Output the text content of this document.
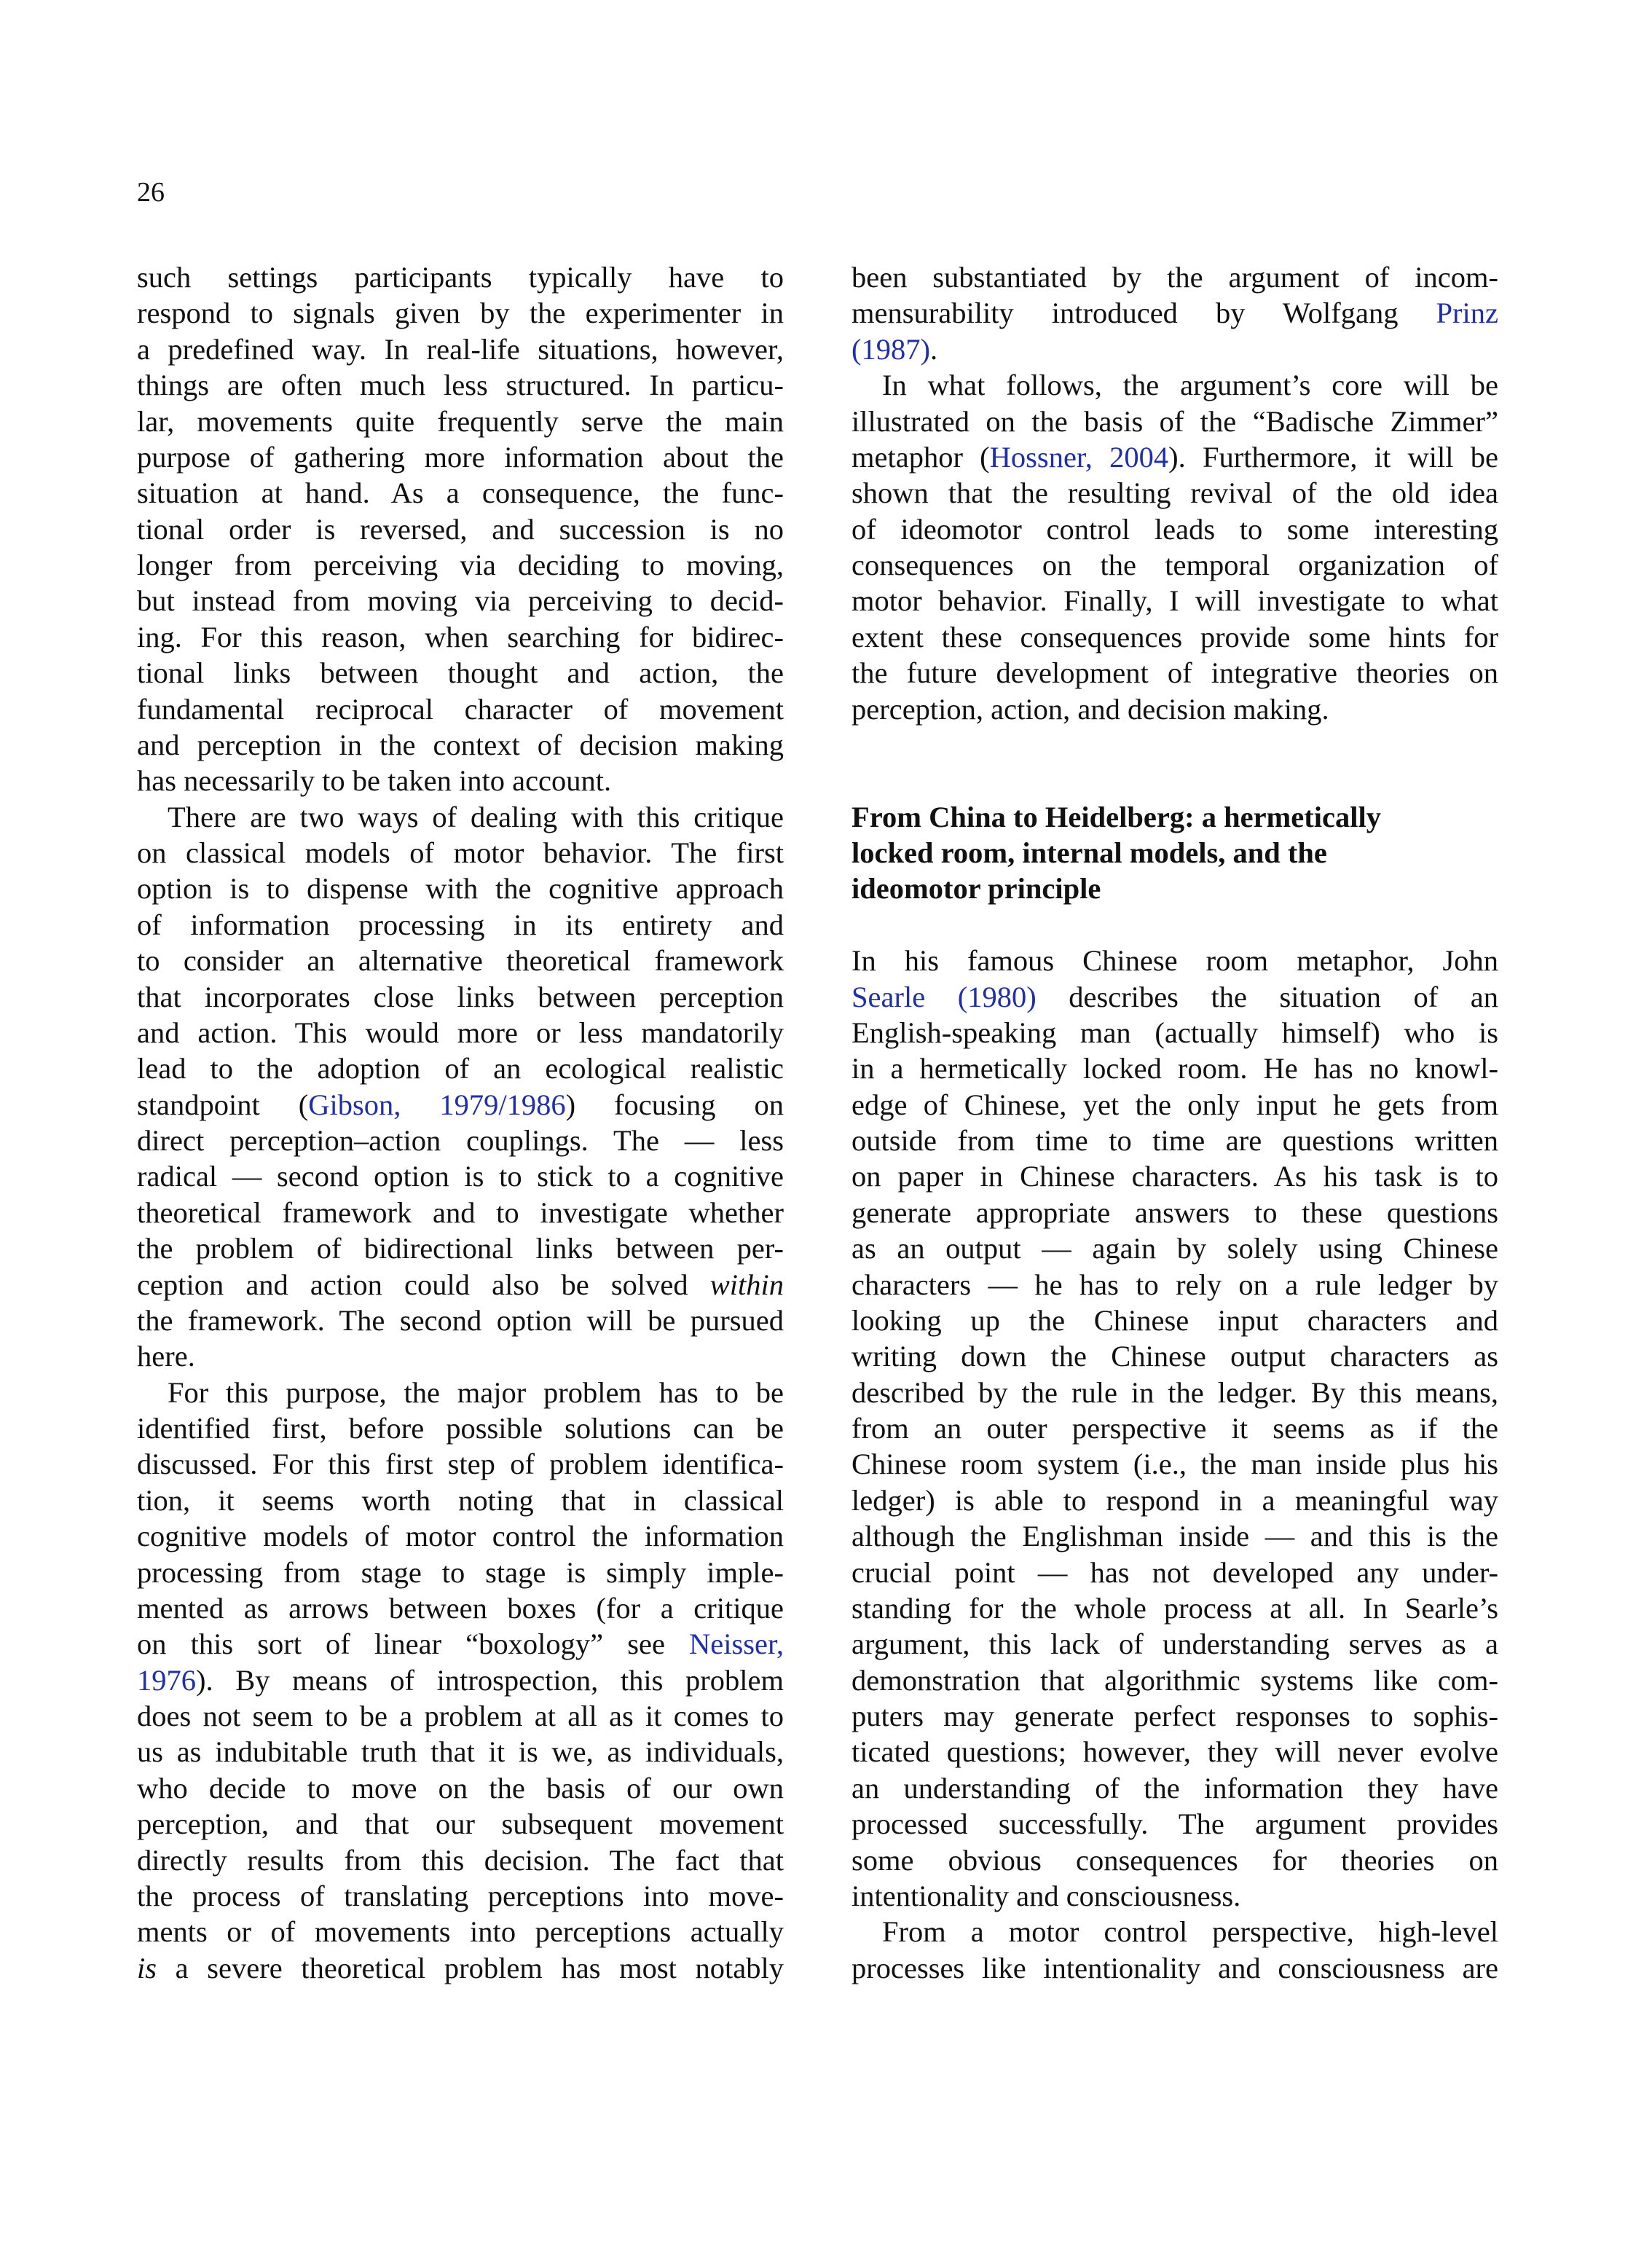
26
such settings participants typically have to
respond to signals given by the experimenter in
a predefined way. In real-life situations, however,
things are often much less structured. In particu-
lar, movements quite frequently serve the main
purpose of gathering more information about the
situation at hand. As a consequence, the func-
tional order is reversed, and succession is no
longer from perceiving via deciding to moving,
but instead from moving via perceiving to decid-
ing. For this reason, when searching for bidirec-
tional links between thought and action, the
fundamental reciprocal character of movement
and perception in the context of decision making
has necessarily to be taken into account.
There are two ways of dealing with this critique
on classical models of motor behavior. The first
option is to dispense with the cognitive approach
of information processing in its entirety and
to consider an alternative theoretical framework
that incorporates close links between perception
and action. This would more or less mandatorily
lead to the adoption of an ecological realistic
standpoint (Gibson, 1979/1986) focusing on
direct perception–action couplings. The — less
radical — second option is to stick to a cognitive
theoretical framework and to investigate whether
the problem of bidirectional links between per-
ception and action could also be solved within
the framework. The second option will be pursued
here.
For this purpose, the major problem has to be
identified first, before possible solutions can be
discussed. For this first step of problem identifica-
tion, it seems worth noting that in classical
cognitive models of motor control the information
processing from stage to stage is simply imple-
mented as arrows between boxes (for a critique
on this sort of linear “boxology” see Neisser,
1976). By means of introspection, this problem
does not seem to be a problem at all as it comes to
us as indubitable truth that it is we, as individuals,
who decide to move on the basis of our own
perception, and that our subsequent movement
directly results from this decision. The fact that
the process of translating perceptions into move-
ments or of movements into perceptions actually
is a severe theoretical problem has most notably
been substantiated by the argument of incom-
mensurability introduced by Wolfgang Prinz
(1987).
In what follows, the argument’s core will be
illustrated on the basis of the “Badische Zimmer”
metaphor (Hossner, 2004). Furthermore, it will be
shown that the resulting revival of the old idea
of ideomotor control leads to some interesting
consequences on the temporal organization of
motor behavior. Finally, I will investigate to what
extent these consequences provide some hints for
the future development of integrative theories on
perception, action, and decision making.
From China to Heidelberg: a hermetically
locked room, internal models, and the
ideomotor principle
In his famous Chinese room metaphor, John
Searle (1980) describes the situation of an
English-speaking man (actually himself) who is
in a hermetically locked room. He has no knowl-
edge of Chinese, yet the only input he gets from
outside from time to time are questions written
on paper in Chinese characters. As his task is to
generate appropriate answers to these questions
as an output — again by solely using Chinese
characters — he has to rely on a rule ledger by
looking up the Chinese input characters and
writing down the Chinese output characters as
described by the rule in the ledger. By this means,
from an outer perspective it seems as if the
Chinese room system (i.e., the man inside plus his
ledger) is able to respond in a meaningful way
although the Englishman inside — and this is the
crucial point — has not developed any under-
standing for the whole process at all. In Searle’s
argument, this lack of understanding serves as a
demonstration that algorithmic systems like com-
puters may generate perfect responses to sophis-
ticated questions; however, they will never evolve
an understanding of the information they have
processed successfully. The argument provides
some obvious consequences for theories on
intentionality and consciousness.
From a motor control perspective, high-level
processes like intentionality and consciousness are
